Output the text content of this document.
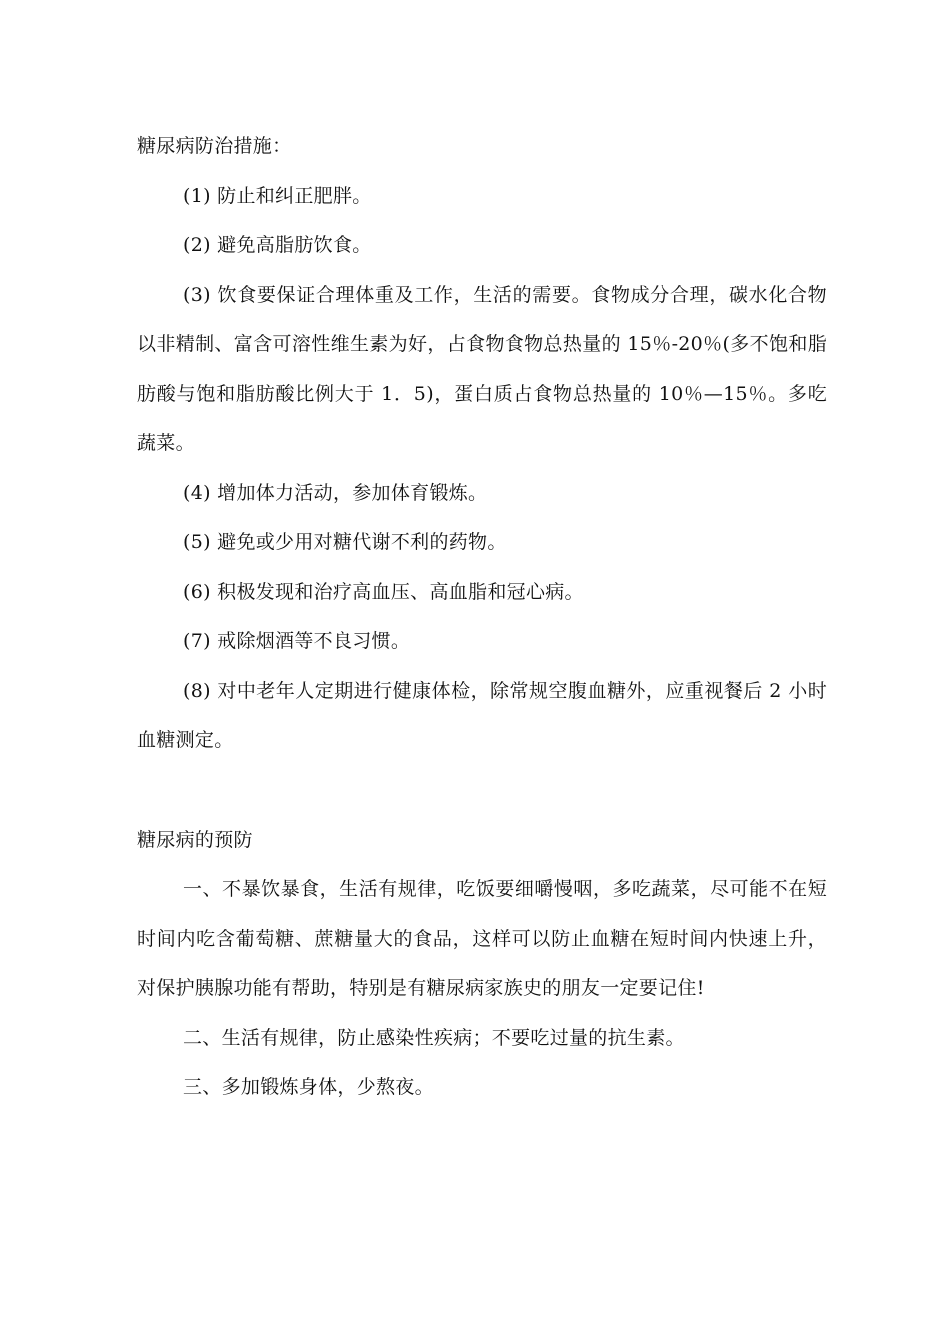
糖尿病防治措施：

(1) 防止和纠正肥胖。

(2) 避免高脂肪饮食。

(3) 饮食要保证合理体重及工作，生活的需要。食物成分合理，碳水化合物以非精制、富含可溶性维生素为好，占食物食物总热量的 15％-20％(多不饱和脂肪酸与饱和脂肪酸比例大于 1．5)，蛋白质占食物总热量的 10％—15％。多吃蔬菜。

(4) 增加体力活动，参加体育锻炼。

(5) 避免或少用对糖代谢不利的药物。

(6) 积极发现和治疗高血压、高血脂和冠心病。

(7) 戒除烟酒等不良习惯。

(8) 对中老年人定期进行健康体检，除常规空腹血糖外，应重视餐后 2 小时血糖测定。

糖尿病的预防

一、不暴饮暴食，生活有规律，吃饭要细嚼慢咽，多吃蔬菜，尽可能不在短时间内吃含葡萄糖、蔗糖量大的食品，这样可以防止血糖在短时间内快速上升，对保护胰腺功能有帮助，特别是有糖尿病家族史的朋友一定要记住!

二、生活有规律，防止感染性疾病；不要吃过量的抗生素。

三、多加锻炼身体，少熬夜。
